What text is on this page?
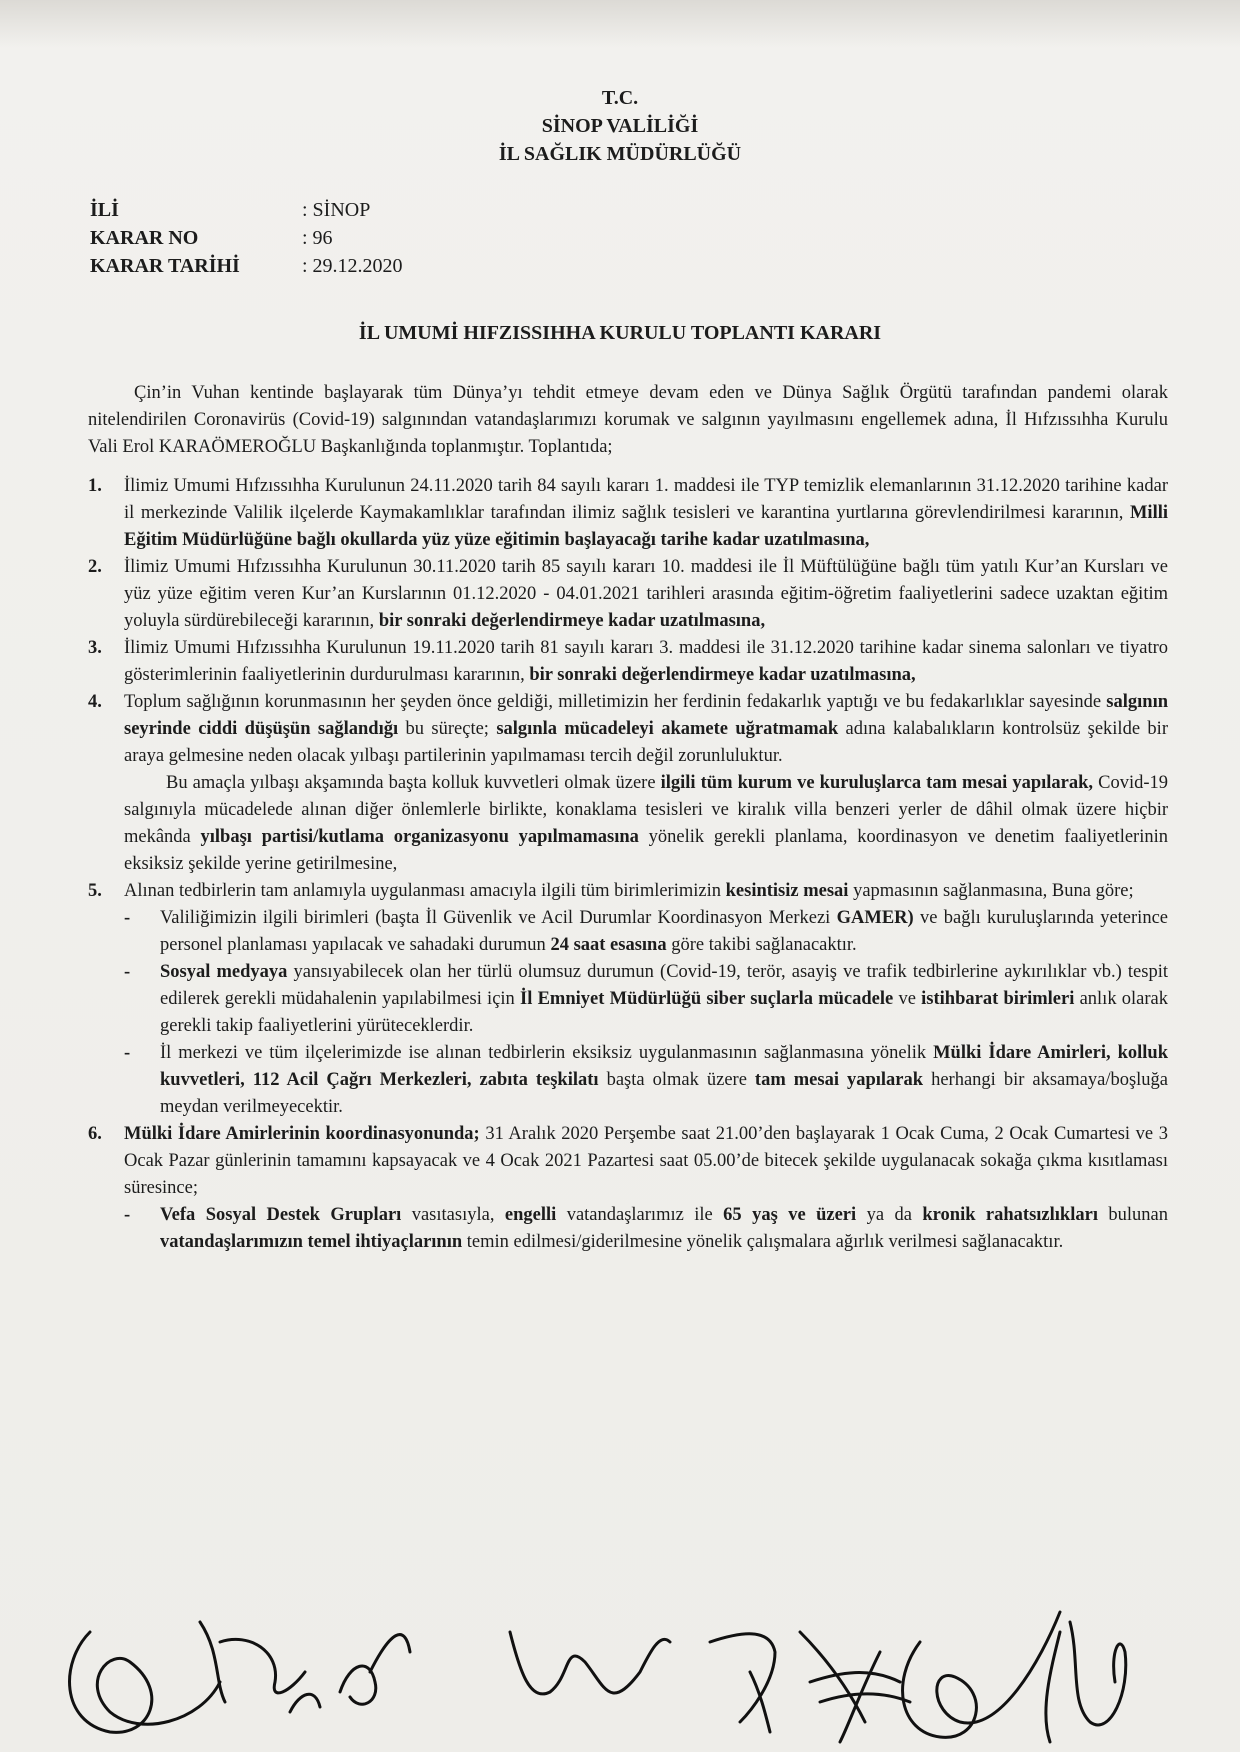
T.C.
SİNOP VALİLİĞİ
İL SAĞLIK MÜDÜRLÜĞÜ
İLİ	: SİNOP
KARAR NO	: 96
KARAR TARİHİ	: 29.12.2020
İL UMUMİ HIFZISSIHHA KURULU TOPLANTI KARARI

Çin’in Vuhan kentinde başlayarak tüm Dünya’yı tehdit etmeye devam eden ve Dünya Sağlık Örgütü tarafından pandemi olarak nitelendirilen Coronavirüs (Covid-19) salgınından vatandaşlarımızı korumak ve salgının yayılmasını engellemek adına, İl Hıfzıssıhha Kurulu Vali Erol KARAÖMEROĞLU Başkanlığında toplanmıştır. Toplantıda;

1.	İlimiz Umumi Hıfzıssıhha Kurulunun 24.11.2020 tarih 84 sayılı kararı 1. maddesi ile TYP temizlik elemanlarının 31.12.2020 tarihine kadar il merkezinde Valilik ilçelerde Kaymakamlıklar tarafından ilimiz sağlık tesisleri ve karantina yurtlarına görevlendirilmesi kararının, Milli Eğitim Müdürlüğüne bağlı okullarda yüz yüze eğitimin başlayacağı tarihe kadar uzatılmasına,

2.	İlimiz Umumi Hıfzıssıhha Kurulunun 30.11.2020 tarih 85 sayılı kararı 10. maddesi ile İl Müftülüğüne bağlı tüm yatılı Kur’an Kursları ve yüz yüze eğitim veren Kur’an Kurslarının 01.12.2020 - 04.01.2021 tarihleri arasında eğitim-öğretim faaliyetlerini sadece uzaktan eğitim yoluyla sürdürebileceği kararının, bir sonraki değerlendirmeye kadar uzatılmasına,

3.	İlimiz Umumi Hıfzıssıhha Kurulunun 19.11.2020 tarih 81 sayılı kararı 3. maddesi ile 31.12.2020 tarihine kadar sinema salonları ve tiyatro gösterimlerinin faaliyetlerinin durdurulması kararının, bir sonraki değerlendirmeye kadar uzatılmasına,

4.	Toplum sağlığının korunmasının her şeyden önce geldiği, milletimizin her ferdinin fedakarlık yaptığı ve bu fedakarlıklar sayesinde salgının seyrinde ciddi düşüşün sağlandığı bu süreçte; salgınla mücadeleyi akamete uğratmamak adına kalabalıkların kontrolsüz şekilde bir araya gelmesine neden olacak yılbaşı partilerinin yapılmaması tercih değil zorunluluktur.

Bu amaçla yılbaşı akşamında başta kolluk kuvvetleri olmak üzere ilgili tüm kurum ve kuruluşlarca tam mesai yapılarak, Covid-19 salgınıyla mücadelede alınan diğer önlemlerle birlikte, konaklama tesisleri ve kiralık villa benzeri yerler de dâhil olmak üzere hiçbir mekânda yılbaşı partisi/kutlama organizasyonu yapılmamasına yönelik gerekli planlama, koordinasyon ve denetim faaliyetlerinin eksiksiz şekilde yerine getirilmesine,

5.	Alınan tedbirlerin tam anlamıyla uygulanması amacıyla ilgili tüm birimlerimizin kesintisiz mesai yapmasının sağlanmasına, Buna göre;

-	Valiliğimizin ilgili birimleri (başta İl Güvenlik ve Acil Durumlar Koordinasyon Merkezi GAMER) ve bağlı kuruluşlarında yeterince personel planlaması yapılacak ve sahadaki durumun 24 saat esasına göre takibi sağlanacaktır.

-	Sosyal medyaya yansıyabilecek olan her türlü olumsuz durumun (Covid-19, terör, asayiş ve trafik tedbirlerine aykırılıklar vb.) tespit edilerek gerekli müdahalenin yapılabilmesi için İl Emniyet Müdürlüğü siber suçlarla mücadele ve istihbarat birimleri anlık olarak gerekli takip faaliyetlerini yürüteceklerdir.

-	İl merkezi ve tüm ilçelerimizde ise alınan tedbirlerin eksiksiz uygulanmasının sağlanmasına yönelik Mülki İdare Amirleri, kolluk kuvvetleri, 112 Acil Çağrı Merkezleri, zabıta teşkilatı başta olmak üzere tam mesai yapılarak herhangi bir aksamaya/boşluğa meydan verilmeyecektir.

6.	Mülki İdare Amirlerinin koordinasyonunda; 31 Aralık 2020 Perşembe saat 21.00’den başlayarak 1 Ocak Cuma, 2 Ocak Cumartesi ve 3 Ocak Pazar günlerinin tamamını kapsayacak ve 4 Ocak 2021 Pazartesi saat 05.00’de bitecek şekilde uygulanacak sokağa çıkma kısıtlaması süresince;

-	Vefa Sosyal Destek Grupları vasıtasıyla, engelli vatandaşlarımız ile 65 yaş ve üzeri ya da kronik rahatsızlıkları bulunan vatandaşlarımızın temel ihtiyaçlarının temin edilmesi/giderilmesine yönelik çalışmalara ağırlık verilmesi sağlanacaktır.
